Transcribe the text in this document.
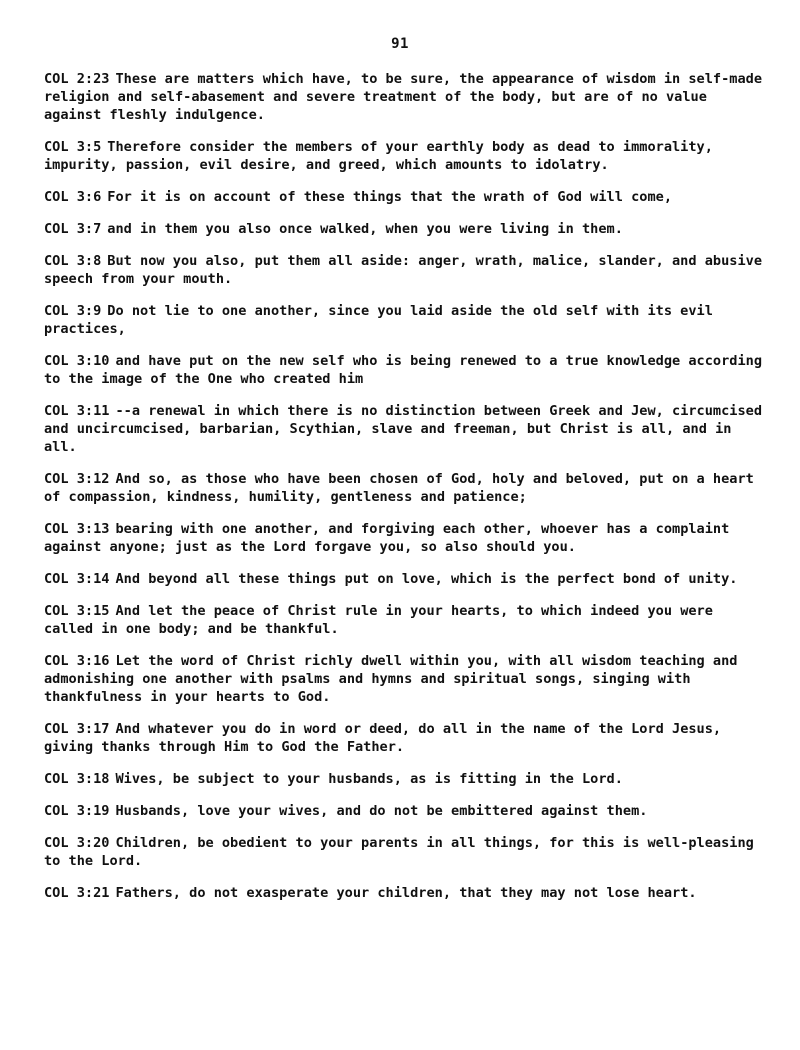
91

COL 2:23 These are matters which have, to be sure, the appearance of wisdom in self-made religion and self-abasement and severe treatment of the body, but are of no value against fleshly indulgence.

COL 3:5 Therefore consider the members of your earthly body as dead to immorality, impurity, passion, evil desire, and greed, which amounts to idolatry.

COL 3:6 For it is on account of these things that the wrath of God will come,

COL 3:7 and in them you also once walked, when you were living in them.

COL 3:8 But now you also, put them all aside: anger, wrath, malice, slander, and abusive speech from your mouth.

COL 3:9 Do not lie to one another, since you laid aside the old self with its evil practices,

COL 3:10 and have put on the new self who is being renewed to a true knowledge according to the image of the One who created him

COL 3:11 --a renewal in which there is no distinction between Greek and Jew, circumcised and uncircumcised, barbarian, Scythian, slave and freeman, but Christ is all, and in all.

COL 3:12 And so, as those who have been chosen of God, holy and beloved, put on a heart of compassion, kindness, humility, gentleness and patience;

COL 3:13 bearing with one another, and forgiving each other, whoever has a complaint against anyone; just as the Lord forgave you, so also should you.

COL 3:14 And beyond all these things put on love, which is the perfect bond of unity.

COL 3:15 And let the peace of Christ rule in your hearts, to which indeed you were called in one body; and be thankful.

COL 3:16 Let the word of Christ richly dwell within you, with all wisdom teaching and admonishing one another with psalms and hymns and spiritual songs, singing with thankfulness in your hearts to God.

COL 3:17 And whatever you do in word or deed, do all in the name of the Lord Jesus, giving thanks through Him to God the Father.

COL 3:18 Wives, be subject to your husbands, as is fitting in the Lord.

COL 3:19 Husbands, love your wives, and do not be embittered against them.

COL 3:20 Children, be obedient to your parents in all things, for this is well-pleasing to the Lord.

COL 3:21 Fathers, do not exasperate your children, that they may not lose heart.
